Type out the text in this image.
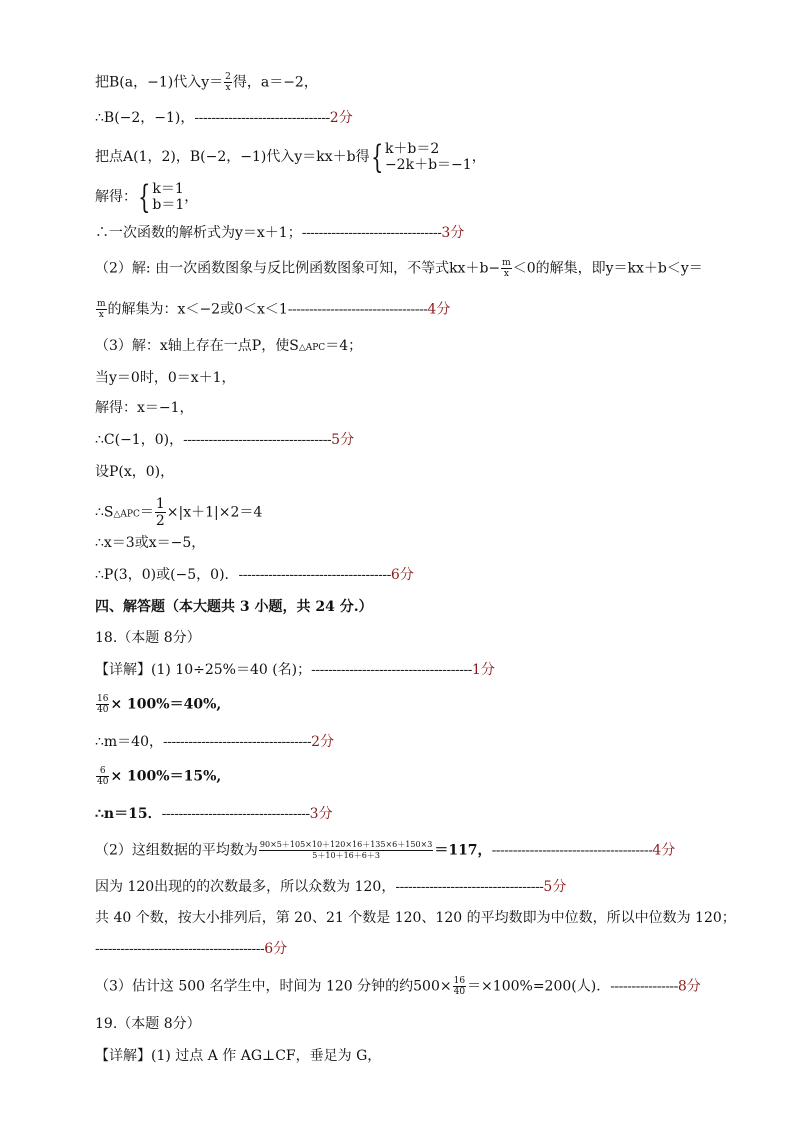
把B(a，−1)代入$y= \frac{2}{x}$ 得，a＝−2，
∴B(−2，−1)，--------------------------------2分
把点A(1，2)，B(−2，−1)代入y＝kx＋b得{ k＋b＝2
−2k＋b＝−1 ，
解得：{ k＝1
b＝1 ，
∴一次函数的解析式为y＝x＋1；---------------------------------3分
（2）解: 由一次函数图象与反比例函数图象可知，不等式$kx+b- \frac{m}{x} <0$的解集，即y＝kx＋b＜y＝
$\frac{m}{x}$ 的解集为：x＜−2或0＜x＜1---------------------------------4分
（3）解：x轴上存在一点P，使S△APC＝4；
当y＝0时，0＝x＋1，
解得：x＝−1，
∴C(−1，0)，-----------------------------------5分
设P(x，0)，
∴S△APC＝ $\frac{1}{2} \times|x+1|\times 2=4$
∴x＝3或x＝−5，
∴P(3，0)或(−5，0)．------------------------------------6分
四、解答题（本大题共 3 小题，共 24 分.）
18.（本题 8分）
【详解】(1) 10÷25%＝40 (名)；--------------------------------------1分
$\frac{16}{40} \times 100\%=40\%$,
∴m＝40，-----------------------------------2分
$\frac{6}{40} \times 100\%=15\%$,
∴n＝15．-----------------------------------3分
（2）这组数据的平均数为 $\frac{90\times 5+105\times 10+120\times 16+135\times 6+150\times 3}{5+10+16+6+3} =117$，--------------------------------------4分
因为 120出现的的次数最多，所以众数为 120，-----------------------------------5分
共 40 个数，按大小排列后，第 20、21 个数是 120、120 的平均数即为中位数，所以中位数为 120；
----------------------------------------6分
（3）估计这 500 名学生中，时间为 120 分钟的约$500\times \frac{16}{40} =\times 100\%=200$(人)．----------------8分
19.（本题 8分）
【详解】(1) 过点 A 作 AG⊥CF，垂足为 G，
